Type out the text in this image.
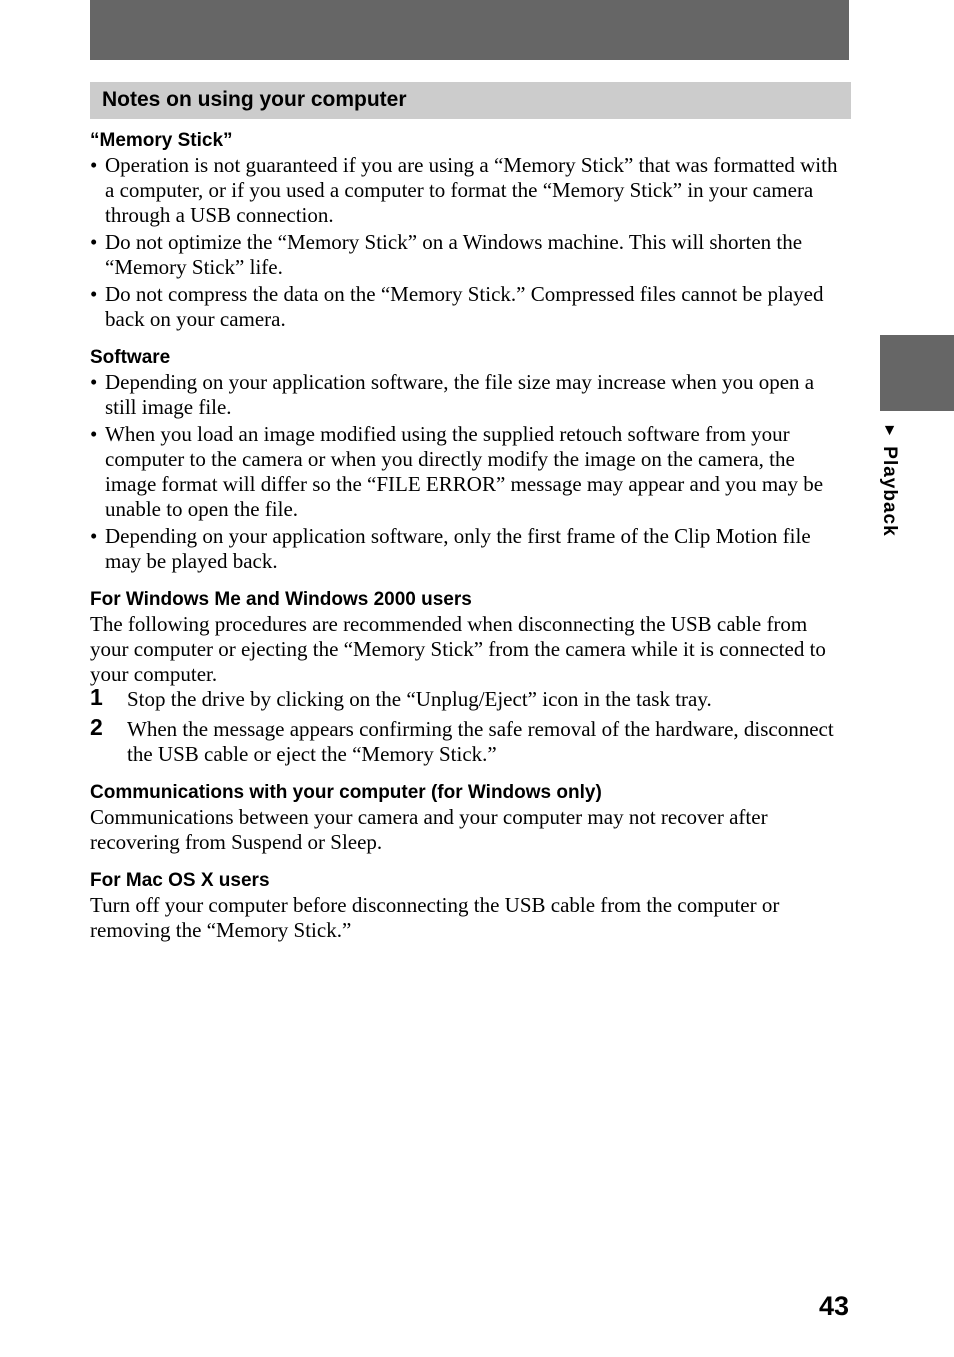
Notes on using your computer
▼ Playback
“Memory Stick”
• Operation is not guaranteed if you are using a “Memory Stick” that was formatted with a computer, or if you used a computer to format the “Memory Stick” in your camera through a USB connection.
• Do not optimize the “Memory Stick” on a Windows machine. This will shorten the “Memory Stick” life.
• Do not compress the data on the “Memory Stick.” Compressed files cannot be played back on your camera.
Software
• Depending on your application software, the file size may increase when you open a still image file.
• When you load an image modified using the supplied retouch software from your computer to the camera or when you directly modify the image on the camera, the image format will differ so the “FILE ERROR” message may appear and you may be unable to open the file.
• Depending on your application software, only the first frame of the Clip Motion file may be played back.
For Windows Me and Windows 2000 users

The following procedures are recommended when disconnecting the USB cable from your computer or ejecting the “Memory Stick” from the camera while it is connected to your computer.

1 Stop the drive by clicking on the “Unplug/Eject” icon in the task tray.
2 When the message appears confirming the safe removal of the hardware, disconnect the USB cable or eject the “Memory Stick.”
Communications with your computer (for Windows only)

Communications between your camera and your computer may not recover after recovering from Suspend or Sleep.

For Mac OS X users

Turn off your computer before disconnecting the USB cable from the computer or removing the “Memory Stick.”

43
